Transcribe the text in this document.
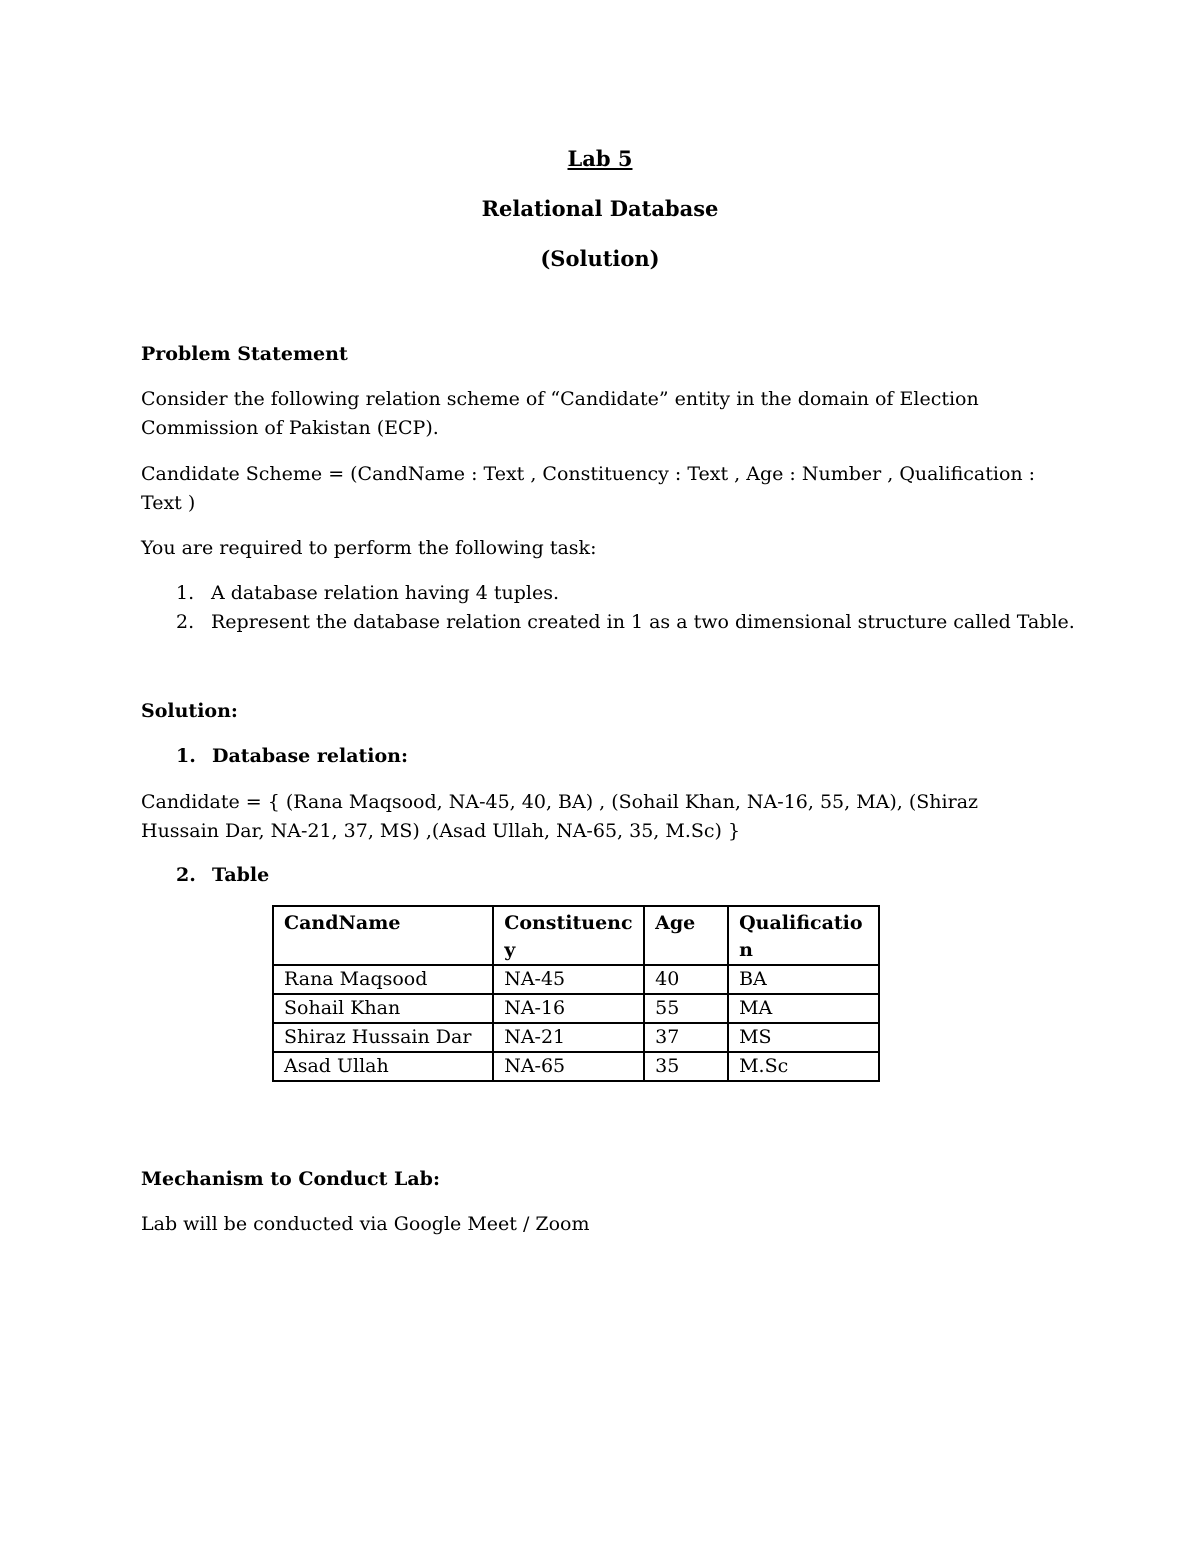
Lab 5
Relational Database
(Solution)
Problem Statement
Consider the following relation scheme of “Candidate” entity in the domain of Election
Commission of Pakistan (ECP).
Candidate Scheme = (CandName : Text , Constituency : Text , Age : Number , Qualification :
Text )
You are required to perform the following task:
1. A database relation having 4 tuples.
2. Represent the database relation created in 1 as a two dimensional structure called Table.
Solution:
1. Database relation:
Candidate = { (Rana Maqsood, NA-45, 40, BA) , (Sohail Khan, NA-16, 55, MA), (Shiraz
Hussain Dar, NA-21, 37, MS) ,(Asad Ullah, NA-65, 35, M.Sc) }
2. Table
CandName	Constituency	Age	Qualification
Rana Maqsood	NA-45	40	BA
Sohail Khan	NA-16	55	MA
Shiraz Hussain Dar	NA-21	37	MS
Asad Ullah	NA-65	35	M.Sc
Mechanism to Conduct Lab:
Lab will be conducted via Google Meet / Zoom
